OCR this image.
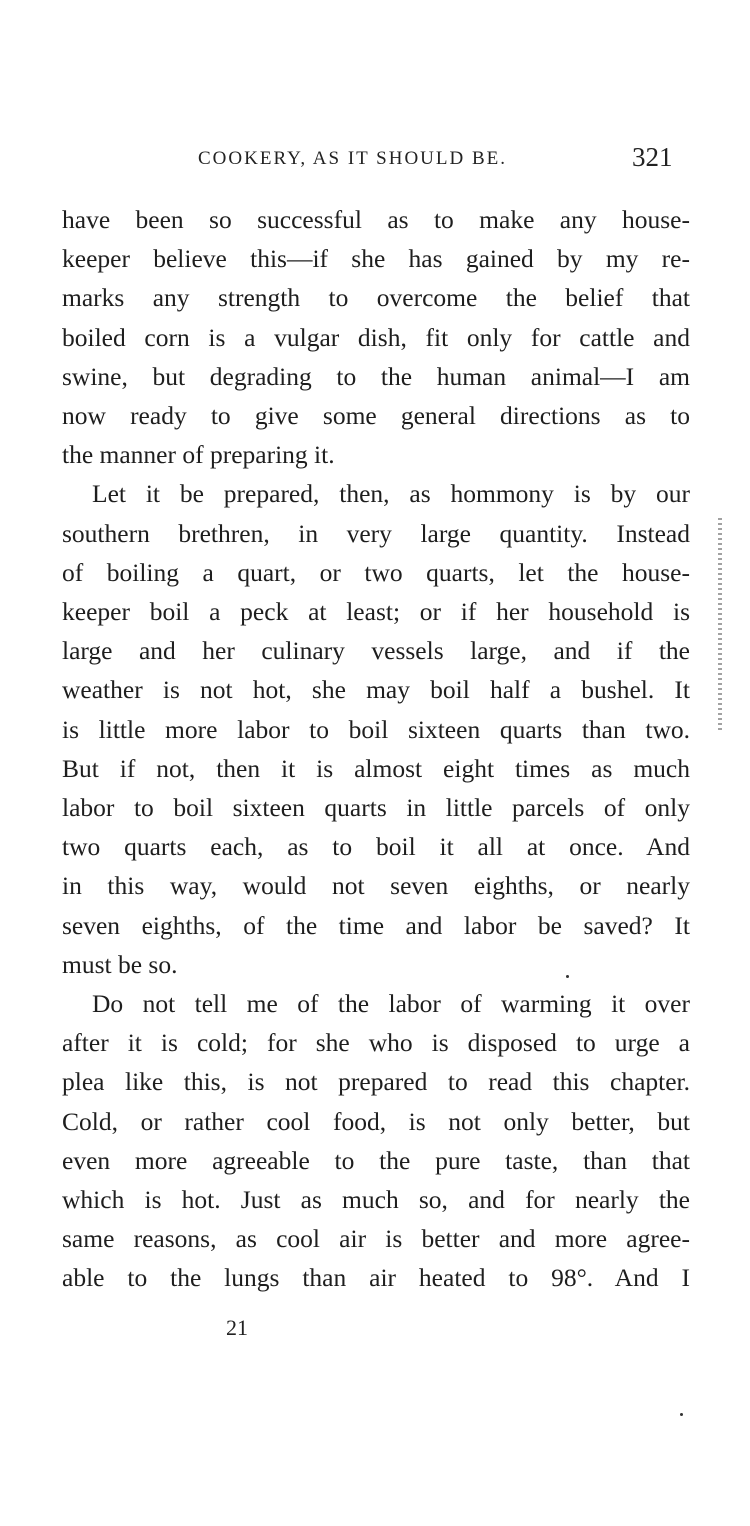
COOKERY, AS IT SHOULD BE.	321

have been so successful as to make any house-
keeper believe this—if she has gained by my re-
marks any strength to overcome the belief that
boiled corn is a vulgar dish, fit only for cattle and
swine, but degrading to the human animal—I am
now ready to give some general directions as to
the manner of preparing it.

Let it be prepared, then, as hommony is by our
southern brethren, in very large quantity. Instead
of boiling a quart, or two quarts, let the house-
keeper boil a peck at least; or if her household is
large and her culinary vessels large, and if the
weather is not hot, she may boil half a bushel. It
is little more labor to boil sixteen quarts than two.
But if not, then it is almost eight times as much
labor to boil sixteen quarts in little parcels of only
two quarts each, as to boil it all at once. And
in this way, would not seven eighths, or nearly
seven eighths, of the time and labor be saved? It
must be so.

Do not tell me of the labor of warming it over
after it is cold; for she who is disposed to urge a
plea like this, is not prepared to read this chapter.
Cold, or rather cool food, is not only better, but
even more agreeable to the pure taste, than that
which is hot. Just as much so, and for nearly the
same reasons, as cool air is better and more agree-
able to the lungs than air heated to 98°. And I

21
